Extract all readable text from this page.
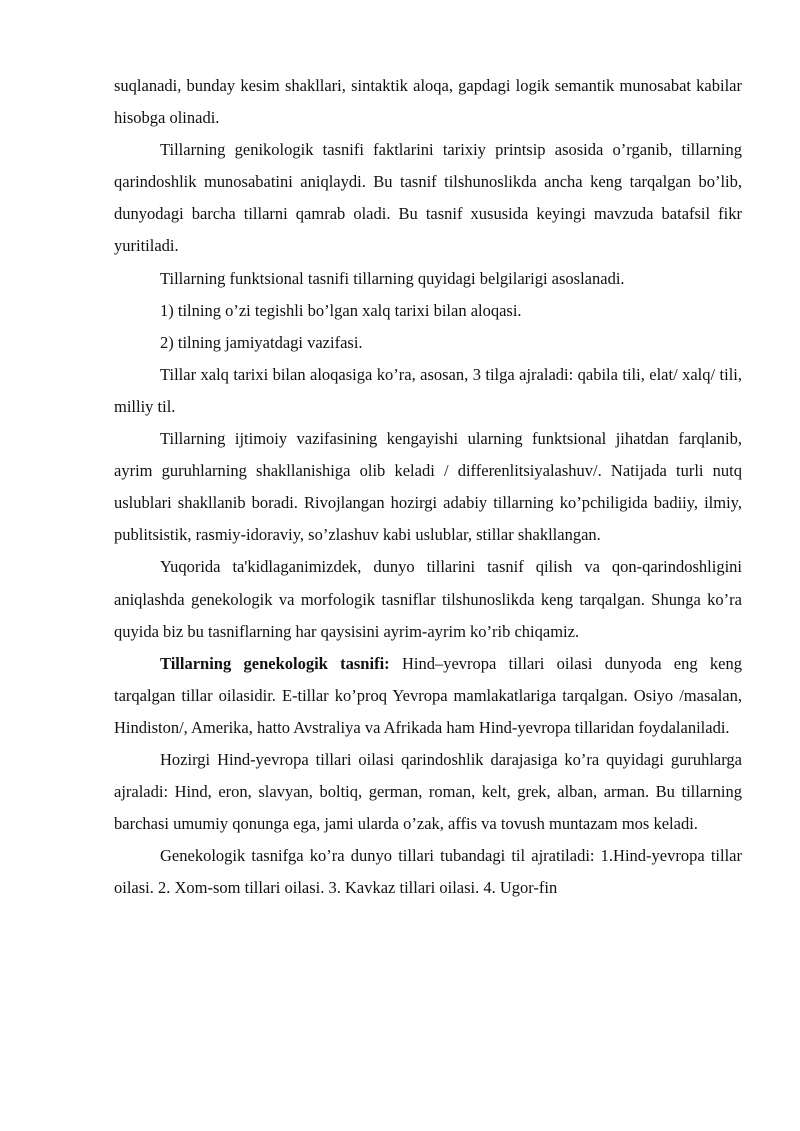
suqlanadi, bunday kesim shakllari, sintaktik aloqa, gapdagi logik semantik munosabat kabilar hisobga olinadi.

Tillarning genikologik tasnifi faktlarini tarixiy printsip asosida o’rganib, tillarning qarindoshlik munosabatini aniqlaydi. Bu tasnif tilshunoslikda ancha keng tarqalgan bo’lib, dunyodagi barcha tillarni qamrab oladi. Bu tasnif xususida keyingi mavzuda batafsil fikr yuritiladi.

Tillarning funktsional tasnifi tillarning quyidagi belgilarigi asoslanadi.

1) tilning o’zi tegishli bo’lgan xalq tarixi bilan aloqasi.

2) tilning jamiyatdagi vazifasi.

Tillar xalq tarixi bilan aloqasiga ko’ra, asosan, 3 tilga ajraladi: qabila tili, elat/ xalq/ tili, milliy til.

Tillarning ijtimoiy vazifasining kengayishi ularning funktsional jihatdan farqlanib, ayrim guruhlarning shakllanishiga olib keladi / differenlitsiyalashuv/. Natijada turli nutq uslublari shakllanib boradi. Rivojlangan hozirgi adabiy tillarning ko’pchiligida badiiy, ilmiy, publitsistik, rasmiy-idoraviy, so’zlashuv kabi uslublar, stillar shakllangan.

Yuqorida ta'kidlaganimizdek, dunyo tillarini tasnif qilish va qon-qarindoshligini aniqlashda genekologik va morfologik tasniflar tilshunoslikda keng tarqalgan. Shunga ko’ra quyida biz bu tasniflarning har qaysisini ayrim-ayrim ko’rib chiqamiz.

Tillarning genekologik tasnifi: Hind–yevropa tillari oilasi dunyoda eng keng tarqalgan tillar oilasidir. E-tillar ko’proq Yevropa mamlakatlariga tarqalgan. Osiyo /masalan, Hindiston/, Amerika, hatto Avstraliya va Afrikada ham Hind-yevropa tillaridan foydalaniladi.

Hozirgi Hind-yevropa tillari oilasi qarindoshlik darajasiga ko’ra quyidagi guruhlarga ajraladi: Hind, eron, slavyan, boltiq, german, roman, kelt, grek, alban, arman. Bu tillarning barchasi umumiy qonunga ega, jami ularda o’zak, affis va tovush muntazam mos keladi.

Genekologik tasnifga ko’ra dunyo tillari tubandagi til ajratiladi: 1.Hind-yevropa tillar oilasi. 2. Xom-som tillari oilasi. 3. Kavkaz tillari oilasi. 4. Ugor-fin
